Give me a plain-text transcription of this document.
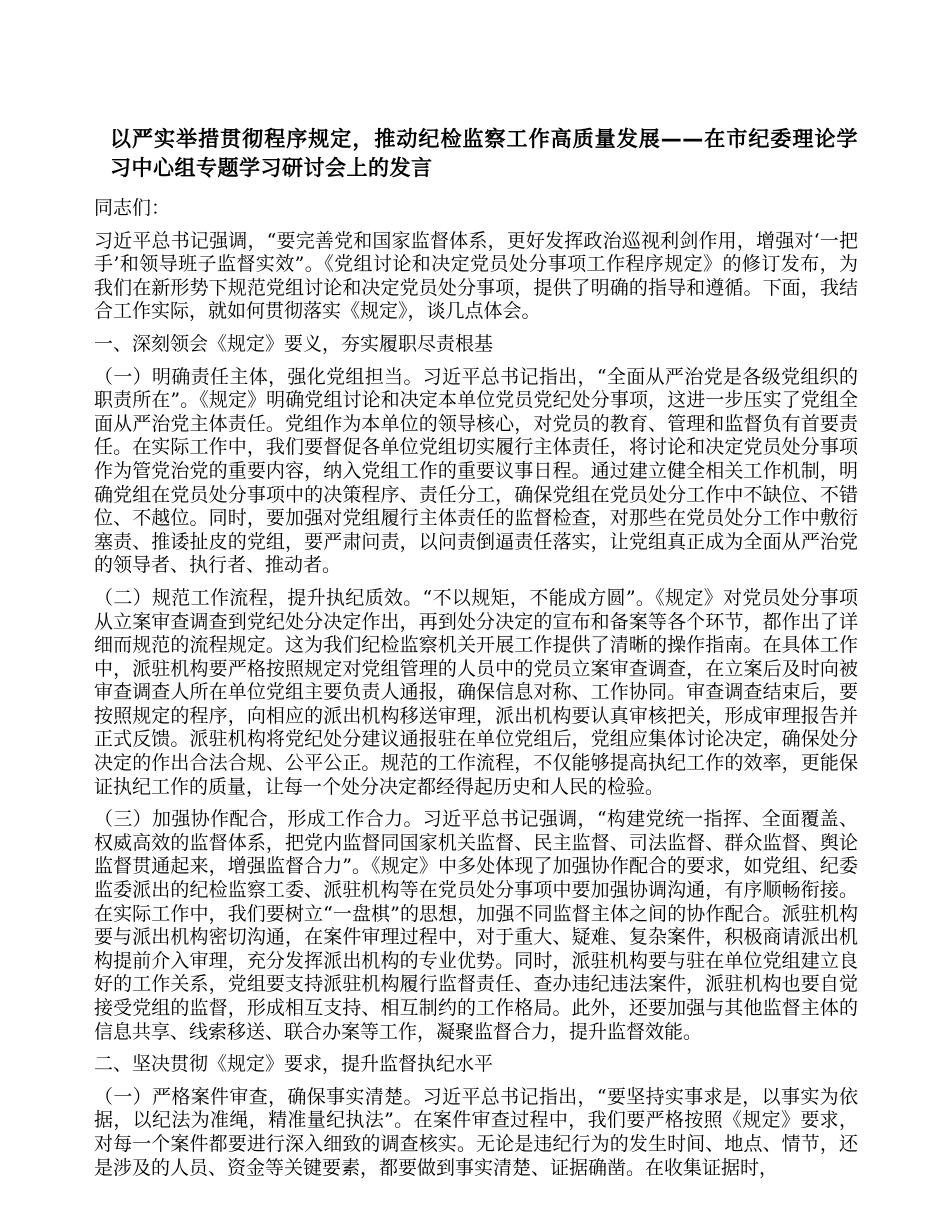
以严实举措贯彻程序规定，推动纪检监察工作高质量发展——在市纪委理论学习中心组专题学习研讨会上的发言

同志们：

习近平总书记强调，“要完善党和国家监督体系，更好发挥政治巡视利剑作用，增强对‘一把手’和领导班子监督实效”。《党组讨论和决定党员处分事项工作程序规定》的修订发布，为我们在新形势下规范党组讨论和决定党员处分事项，提供了明确的指导和遵循。下面，我结合工作实际，就如何贯彻落实《规定》，谈几点体会。

一、深刻领会《规定》要义，夯实履职尽责根基

（一）明确责任主体，强化党组担当。习近平总书记指出，“全面从严治党是各级党组织的职责所在”。《规定》明确党组讨论和决定本单位党员党纪处分事项，这进一步压实了党组全面从严治党主体责任。党组作为本单位的领导核心，对党员的教育、管理和监督负有首要责任。在实际工作中，我们要督促各单位党组切实履行主体责任，将讨论和决定党员处分事项作为管党治党的重要内容，纳入党组工作的重要议事日程。通过建立健全相关工作机制，明确党组在党员处分事项中的决策程序、责任分工，确保党组在党员处分工作中不缺位、不错位、不越位。同时，要加强对党组履行主体责任的监督检查，对那些在党员处分工作中敷衍塞责、推诿扯皮的党组，要严肃问责，以问责倒逼责任落实，让党组真正成为全面从严治党的领导者、执行者、推动者。

（二）规范工作流程，提升执纪质效。“不以规矩，不能成方圆”。《规定》对党员处分事项从立案审查调查到党纪处分决定作出，再到处分决定的宣布和备案等各个环节，都作出了详细而规范的流程规定。这为我们纪检监察机关开展工作提供了清晰的操作指南。在具体工作中，派驻机构要严格按照规定对党组管理的人员中的党员立案审查调查，在立案后及时向被审查调查人所在单位党组主要负责人通报，确保信息对称、工作协同。审查调查结束后，要按照规定的程序，向相应的派出机构移送审理，派出机构要认真审核把关，形成审理报告并正式反馈。派驻机构将党纪处分建议通报驻在单位党组后，党组应集体讨论决定，确保处分决定的作出合法合规、公平公正。规范的工作流程，不仅能够提高执纪工作的效率，更能保证执纪工作的质量，让每一个处分决定都经得起历史和人民的检验。

（三）加强协作配合，形成工作合力。习近平总书记强调，“构建党统一指挥、全面覆盖、权威高效的监督体系，把党内监督同国家机关监督、民主监督、司法监督、群众监督、舆论监督贯通起来，增强监督合力”。《规定》中多处体现了加强协作配合的要求，如党组、纪委监委派出的纪检监察工委、派驻机构等在党员处分事项中要加强协调沟通，有序顺畅衔接。在实际工作中，我们要树立“一盘棋”的思想，加强不同监督主体之间的协作配合。派驻机构要与派出机构密切沟通，在案件审理过程中，对于重大、疑难、复杂案件，积极商请派出机构提前介入审理，充分发挥派出机构的专业优势。同时，派驻机构要与驻在单位党组建立良好的工作关系，党组要支持派驻机构履行监督责任、查办违纪违法案件，派驻机构也要自觉接受党组的监督，形成相互支持、相互制约的工作格局。此外，还要加强与其他监督主体的信息共享、线索移送、联合办案等工作，凝聚监督合力，提升监督效能。

二、坚决贯彻《规定》要求，提升监督执纪水平

（一）严格案件审查，确保事实清楚。习近平总书记指出，“要坚持实事求是，以事实为依据，以纪法为准绳，精准量纪执法”。在案件审查过程中，我们要严格按照《规定》要求，对每一个案件都要进行深入细致的调查核实。无论是违纪行为的发生时间、地点、情节，还是涉及的人员、资金等关键要素，都要做到事实清楚、证据确凿。在收集证据时，
